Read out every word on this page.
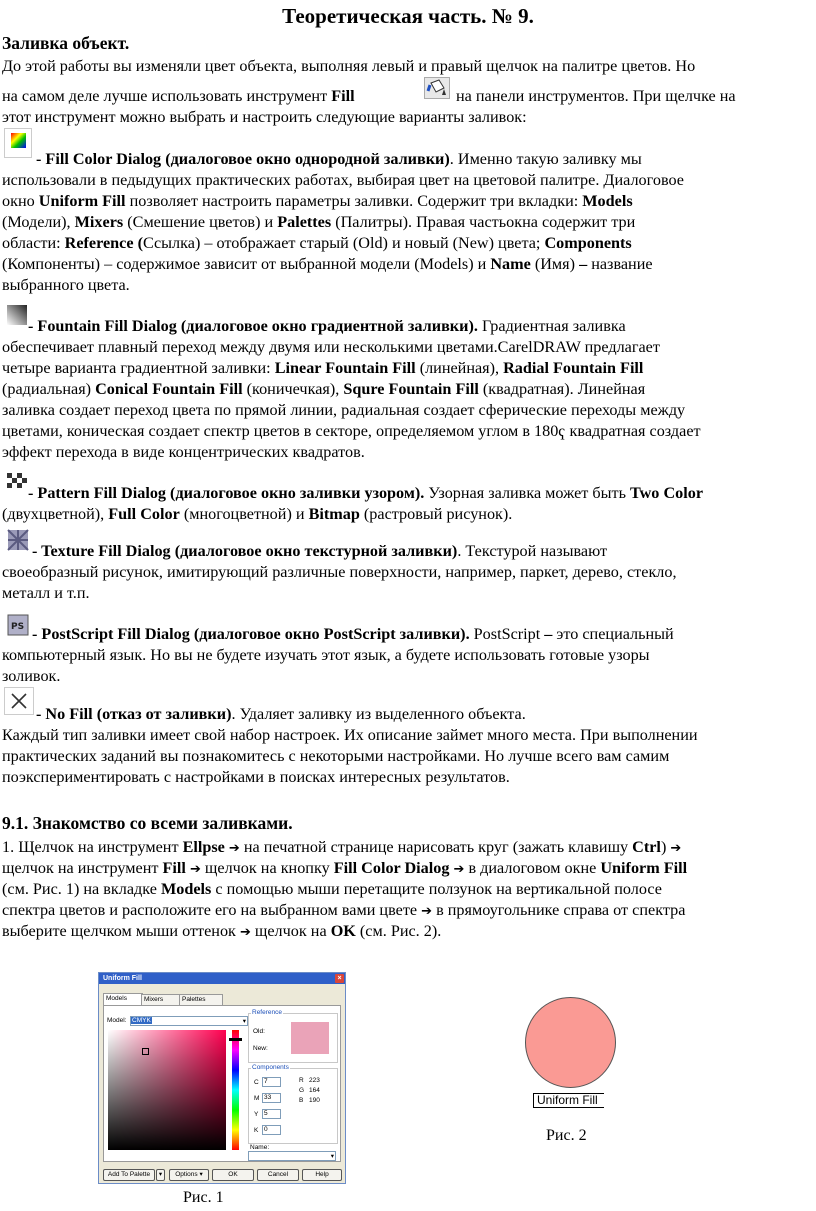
Теоретическая часть. № 9.
Заливка объект.
До этой работы вы изменяли цвет объекта, выполняя левый и правый щелчок на палитре цветов. Но
на самом деле лучше использовать инструмент Fill	на панели инструментов. При щелчке на
этот инструмент можно выбрать и настроить следующие варианты заливок:
- Fill Color Dialog (диалоговое окно однородной заливки). Именно такую заливку мы
использовали в педыдущих практических работах, выбирая цвет на цветовой палитре. Диалоговое
окно Uniform Fill позволяет настроить параметры заливки. Содержит три вкладки: Models
(Модели), Mixers (Смешение цветов) и Palettes (Палитры). Правая частьокна содержит три
области: Reference (Ссылка) – отображает старый (Old) и новый (New) цвета; Components
(Компоненты) – содержимое зависит от выбранной модели (Models) и Name (Имя) – название
выбранного цвета.
- Fountain Fill Dialog (диалоговое окно градиентной заливки). Градиентная заливка
обеспечивает плавный переход между двумя или несколькими цветами.CarelDRAW предлагает
четыре варианта градиентной заливки: Linear Fountain Fill (линейная), Radial Fountain Fill
(радиальная) Conical Fountain Fill (коничечкая), Squre Fountain Fill (квадратная). Линейная
заливка создает переход цвета по прямой линии, радиальная создает сферические переходы между
цветами, коническая создает спектр цветов в секторе, определяемом углом в 180ҁ квадратная создает
эффект перехода в виде концентрических квадратов.
- Pattern Fill Dialog (диалоговое окно заливки узором). Узорная заливка может быть Two Color
(двухцветной), Full Color (многоцветной) и Bitmap (растровый рисунок).
- Texture Fill Dialog (диалоговое окно текстурной заливки). Текстурой называют
своеобразный рисунок, имитирующий различные поверхности, например, паркет, дерево, стекло,
металл и т.п.
PS - PostScript Fill Dialog (диалоговое окно PostScript заливки). PostScript – это специальный
компьютерный язык. Но вы не будете изучать этот язык, а будете использовать готовые узоры
золивок.
- No Fill (отказ от заливки). Удаляет заливку из выделенного объекта.
Каждый тип заливки имеет свой набор настроек. Их описание займет много места. При выполнении
практических заданий вы познакомитесь с некоторыми настройками. Но лучше всего вам самим
поэкспериментировать с настройками в поисках интересных результатов.
9.1. Знакомство со всеми заливками.
1. Щелчок на инструмент Ellpse ➔ на печатной странице нарисовать круг (зажать клавишу Ctrl) ➔
щелчок на инструмент Fill ➔ щелчок на кнопку Fill Color Dialog ➔ в диалоговом окне Uniform Fill
(см. Рис. 1) на вкладке Models с помощью мыши перетащите ползунок на вертикальной полосе
спектра цветов и расположите его на выбранном вами цвете ➔ в прямоугольнике справа от спектра
выберите щелчком мыши оттенок ➔ щелчок на OK (см. Рис. 2).
Uniform Fill	×
Models	Mixers	Palettes
Model: CMYK	▾
Reference
Old:
New:
Components
C 7
M 33
Y 5
K 0
R 223
G 164
B 190
Name:
▾
Add To Palette	▾	Options ▾	OK	Cancel	Help
Рис. 1
Uniform Fill
Рис. 2
